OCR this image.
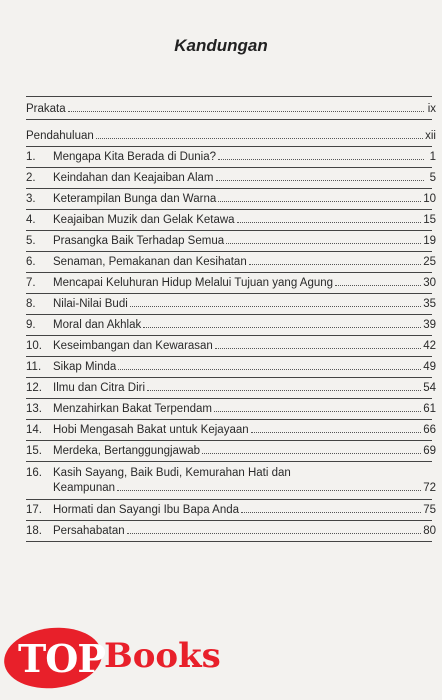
Kandungan
Prakata	ix
Pendahuluan	xii
1.	Mengapa Kita Berada di Dunia?	1
2.	Keindahan dan Keajaiban Alam	5
3.	Keterampilan Bunga dan Warna	10
4.	Keajaiban Muzik dan Gelak Ketawa	15
5.	Prasangka Baik Terhadap Semua	19
6.	Senaman, Pemakanan dan Kesihatan	25
7.	Mencapai Keluhuran Hidup Melalui Tujuan yang Agung	30
8.	Nilai-Nilai Budi	35
9.	Moral dan Akhlak	39
10. Keseimbangan dan Kewarasan	42
11.	Sikap Minda	49
12. Ilmu dan Citra Diri	54
13. Menzahirkan Bakat Terpendam	61
14. Hobi Mengasah Bakat untuk Kejayaan	66
15. Merdeka, Bertanggungjawab	69
16. Kasih Sayang, Baik Budi, Kemurahan Hati dan
Keampunan	72
17. Hormati dan Sayangi Ibu Bapa Anda	75
18. Persahabatan	80
TOP Books
